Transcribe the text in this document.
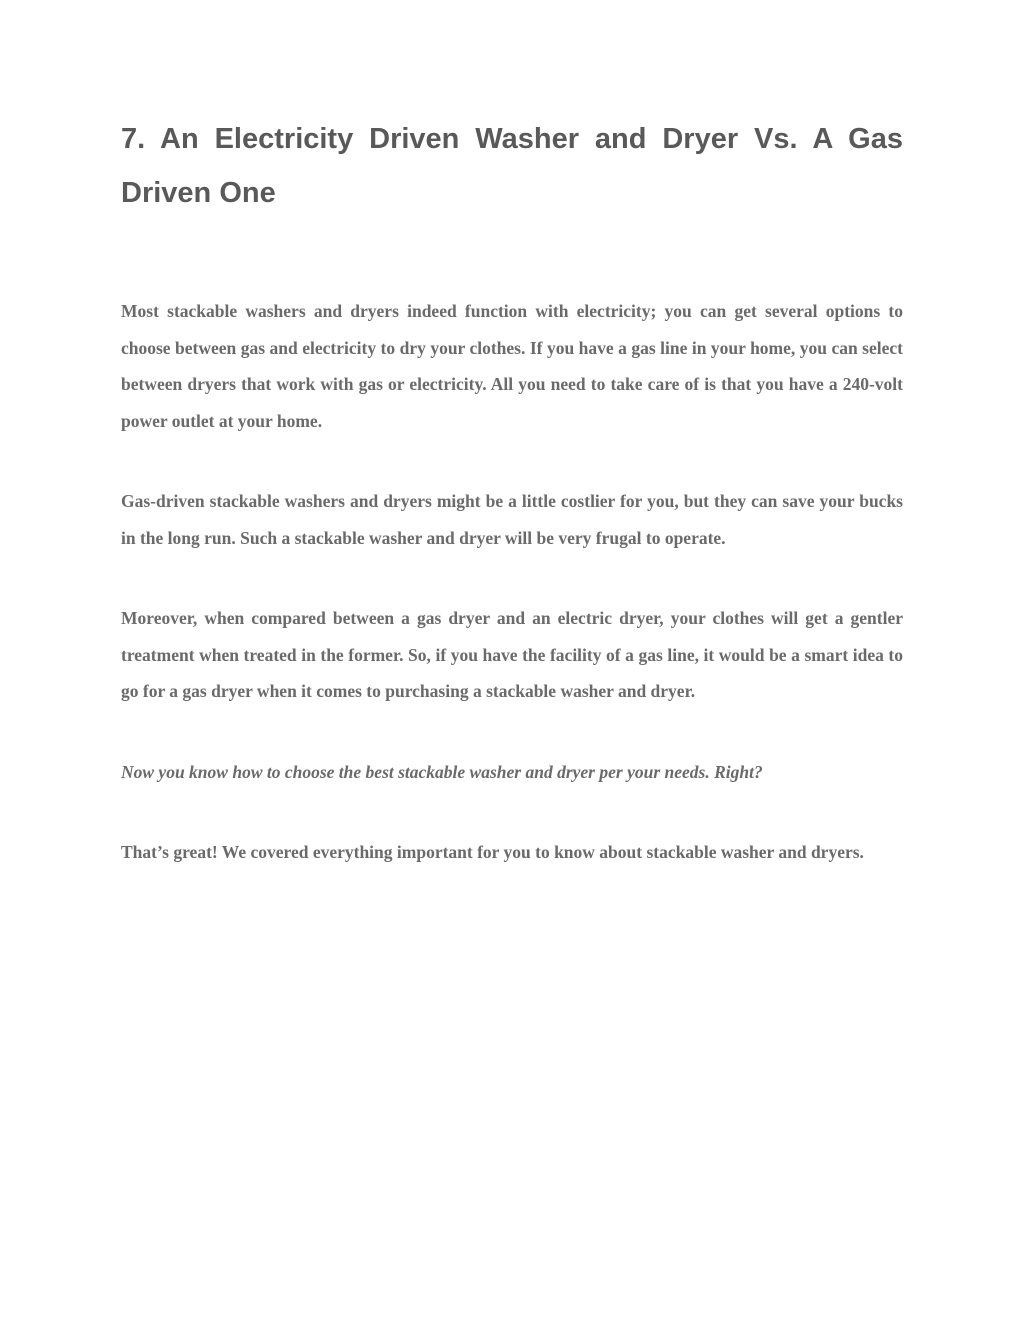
7. An Electricity Driven Washer and Dryer Vs. A Gas Driven One

Most stackable washers and dryers indeed function with electricity; you can get several options to choose between gas and electricity to dry your clothes. If you have a gas line in your home, you can select between dryers that work with gas or electricity. All you need to take care of is that you have a 240-volt power outlet at your home.

Gas-driven stackable washers and dryers might be a little costlier for you, but they can save your bucks in the long run. Such a stackable washer and dryer will be very frugal to operate.

Moreover, when compared between a gas dryer and an electric dryer, your clothes will get a gentler treatment when treated in the former. So, if you have the facility of a gas line, it would be a smart idea to go for a gas dryer when it comes to purchasing a stackable washer and dryer.

Now you know how to choose the best stackable washer and dryer per your needs. Right?

That’s great! We covered everything important for you to know about stackable washer and dryers.
